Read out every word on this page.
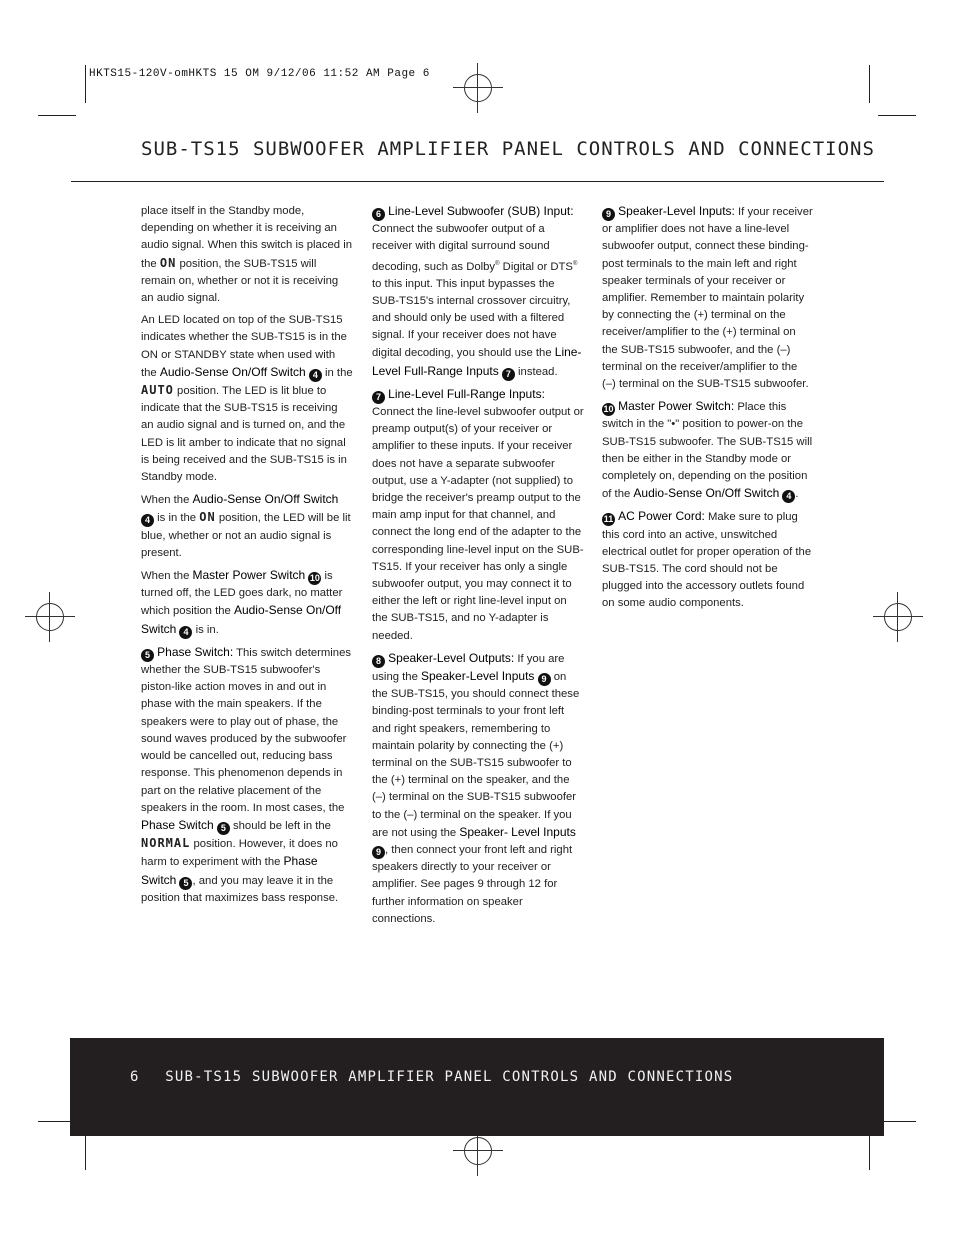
HKTS15-120V-omHKTS 15 OM 9/12/06 11:52 AM Page 6
SUB-TS15 SUBWOOFER AMPLIFIER PANEL CONTROLS AND CONNECTIONS

place itself in the Standby mode, depending on whether it is receiving an audio signal. When this switch is placed in the ON position, the SUB-TS15 will remain on, whether or not it is receiving an audio signal.

An LED located on top of the SUB-TS15 indicates whether the SUB-TS15 is in the ON or STANDBY state when used with the Audio-Sense On/Off Switch 4 in the AUTO position. The LED is lit blue to indicate that the SUB-TS15 is receiving an audio signal and is turned on, and the LED is lit amber to indicate that no signal is being received and the SUB-TS15 is in Standby mode.

When the Audio-Sense On/Off Switch 4 is in the ON position, the LED will be lit blue, whether or not an audio signal is present.

When the Master Power Switch 10 is turned off, the LED goes dark, no matter which position the Audio-Sense On/Off Switch 4 is in.

5 Phase Switch: This switch determines whether the SUB-TS15 subwoofer's piston-like action moves in and out in phase with the main speakers. If the speakers were to play out of phase, the sound waves produced by the subwoofer would be cancelled out, reducing bass response. This phenomenon depends in part on the relative placement of the speakers in the room. In most cases, the Phase Switch 5 should be left in the NORMAL position. However, it does no harm to experiment with the Phase Switch 5 , and you may leave it in the position that maximizes bass response.

6 Line-Level Subwoofer (SUB) Input: Connect the subwoofer output of a receiver with digital surround sound decoding, such as Dolby® Digital or DTS® to this input. This input bypasses the SUB-TS15's internal crossover circuitry, and should only be used with a filtered signal. If your receiver does not have digital decoding, you should use the Line-Level Full-Range Inputs 7 instead.

7 Line-Level Full-Range Inputs: Connect the line-level subwoofer output or preamp output(s) of your receiver or amplifier to these inputs. If your receiver does not have a separate subwoofer output, use a Y-adapter (not supplied) to bridge the receiver's preamp output to the main amp input for that channel, and connect the long end of the adapter to the corresponding line-level input on the SUB-TS15. If your receiver has only a single subwoofer output, you may connect it to either the left or right line-level input on the SUB-TS15, and no Y-adapter is needed.

8 Speaker-Level Outputs: If you are using the Speaker-Level Inputs 9 on the SUB-TS15, you should connect these binding-post terminals to your front left and right speakers, remembering to maintain polarity by connecting the (+) terminal on the SUB-TS15 subwoofer to the (+) terminal on the speaker, and the (–) terminal on the SUB-TS15 subwoofer to the (–) terminal on the speaker. If you are not using the Speaker- Level Inputs 9 , then connect your front left and right speakers directly to your receiver or amplifier. See pages 9 through 12 for further information on speaker connections.

9 Speaker-Level Inputs: If your receiver or amplifier does not have a line-level subwoofer output, connect these binding-post terminals to the main left and right speaker terminals of your receiver or amplifier. Remember to maintain polarity by connecting the (+) terminal on the receiver/amplifier to the (+) terminal on the SUB-TS15 subwoofer, and the (–) terminal on the receiver/amplifier to the (–) terminal on the SUB-TS15 subwoofer.

10 Master Power Switch: Place this switch in the "•" position to power-on the SUB-TS15 subwoofer. The SUB-TS15 will then be either in the Standby mode or completely on, depending on the position of the Audio-Sense On/Off Switch 4 .

11 AC Power Cord: Make sure to plug this cord into an active, unswitched electrical outlet for proper operation of the SUB-TS15. The cord should not be plugged into the accessory outlets found on some audio components.

6 SUB-TS15 SUBWOOFER AMPLIFIER PANEL CONTROLS AND CONNECTIONS
